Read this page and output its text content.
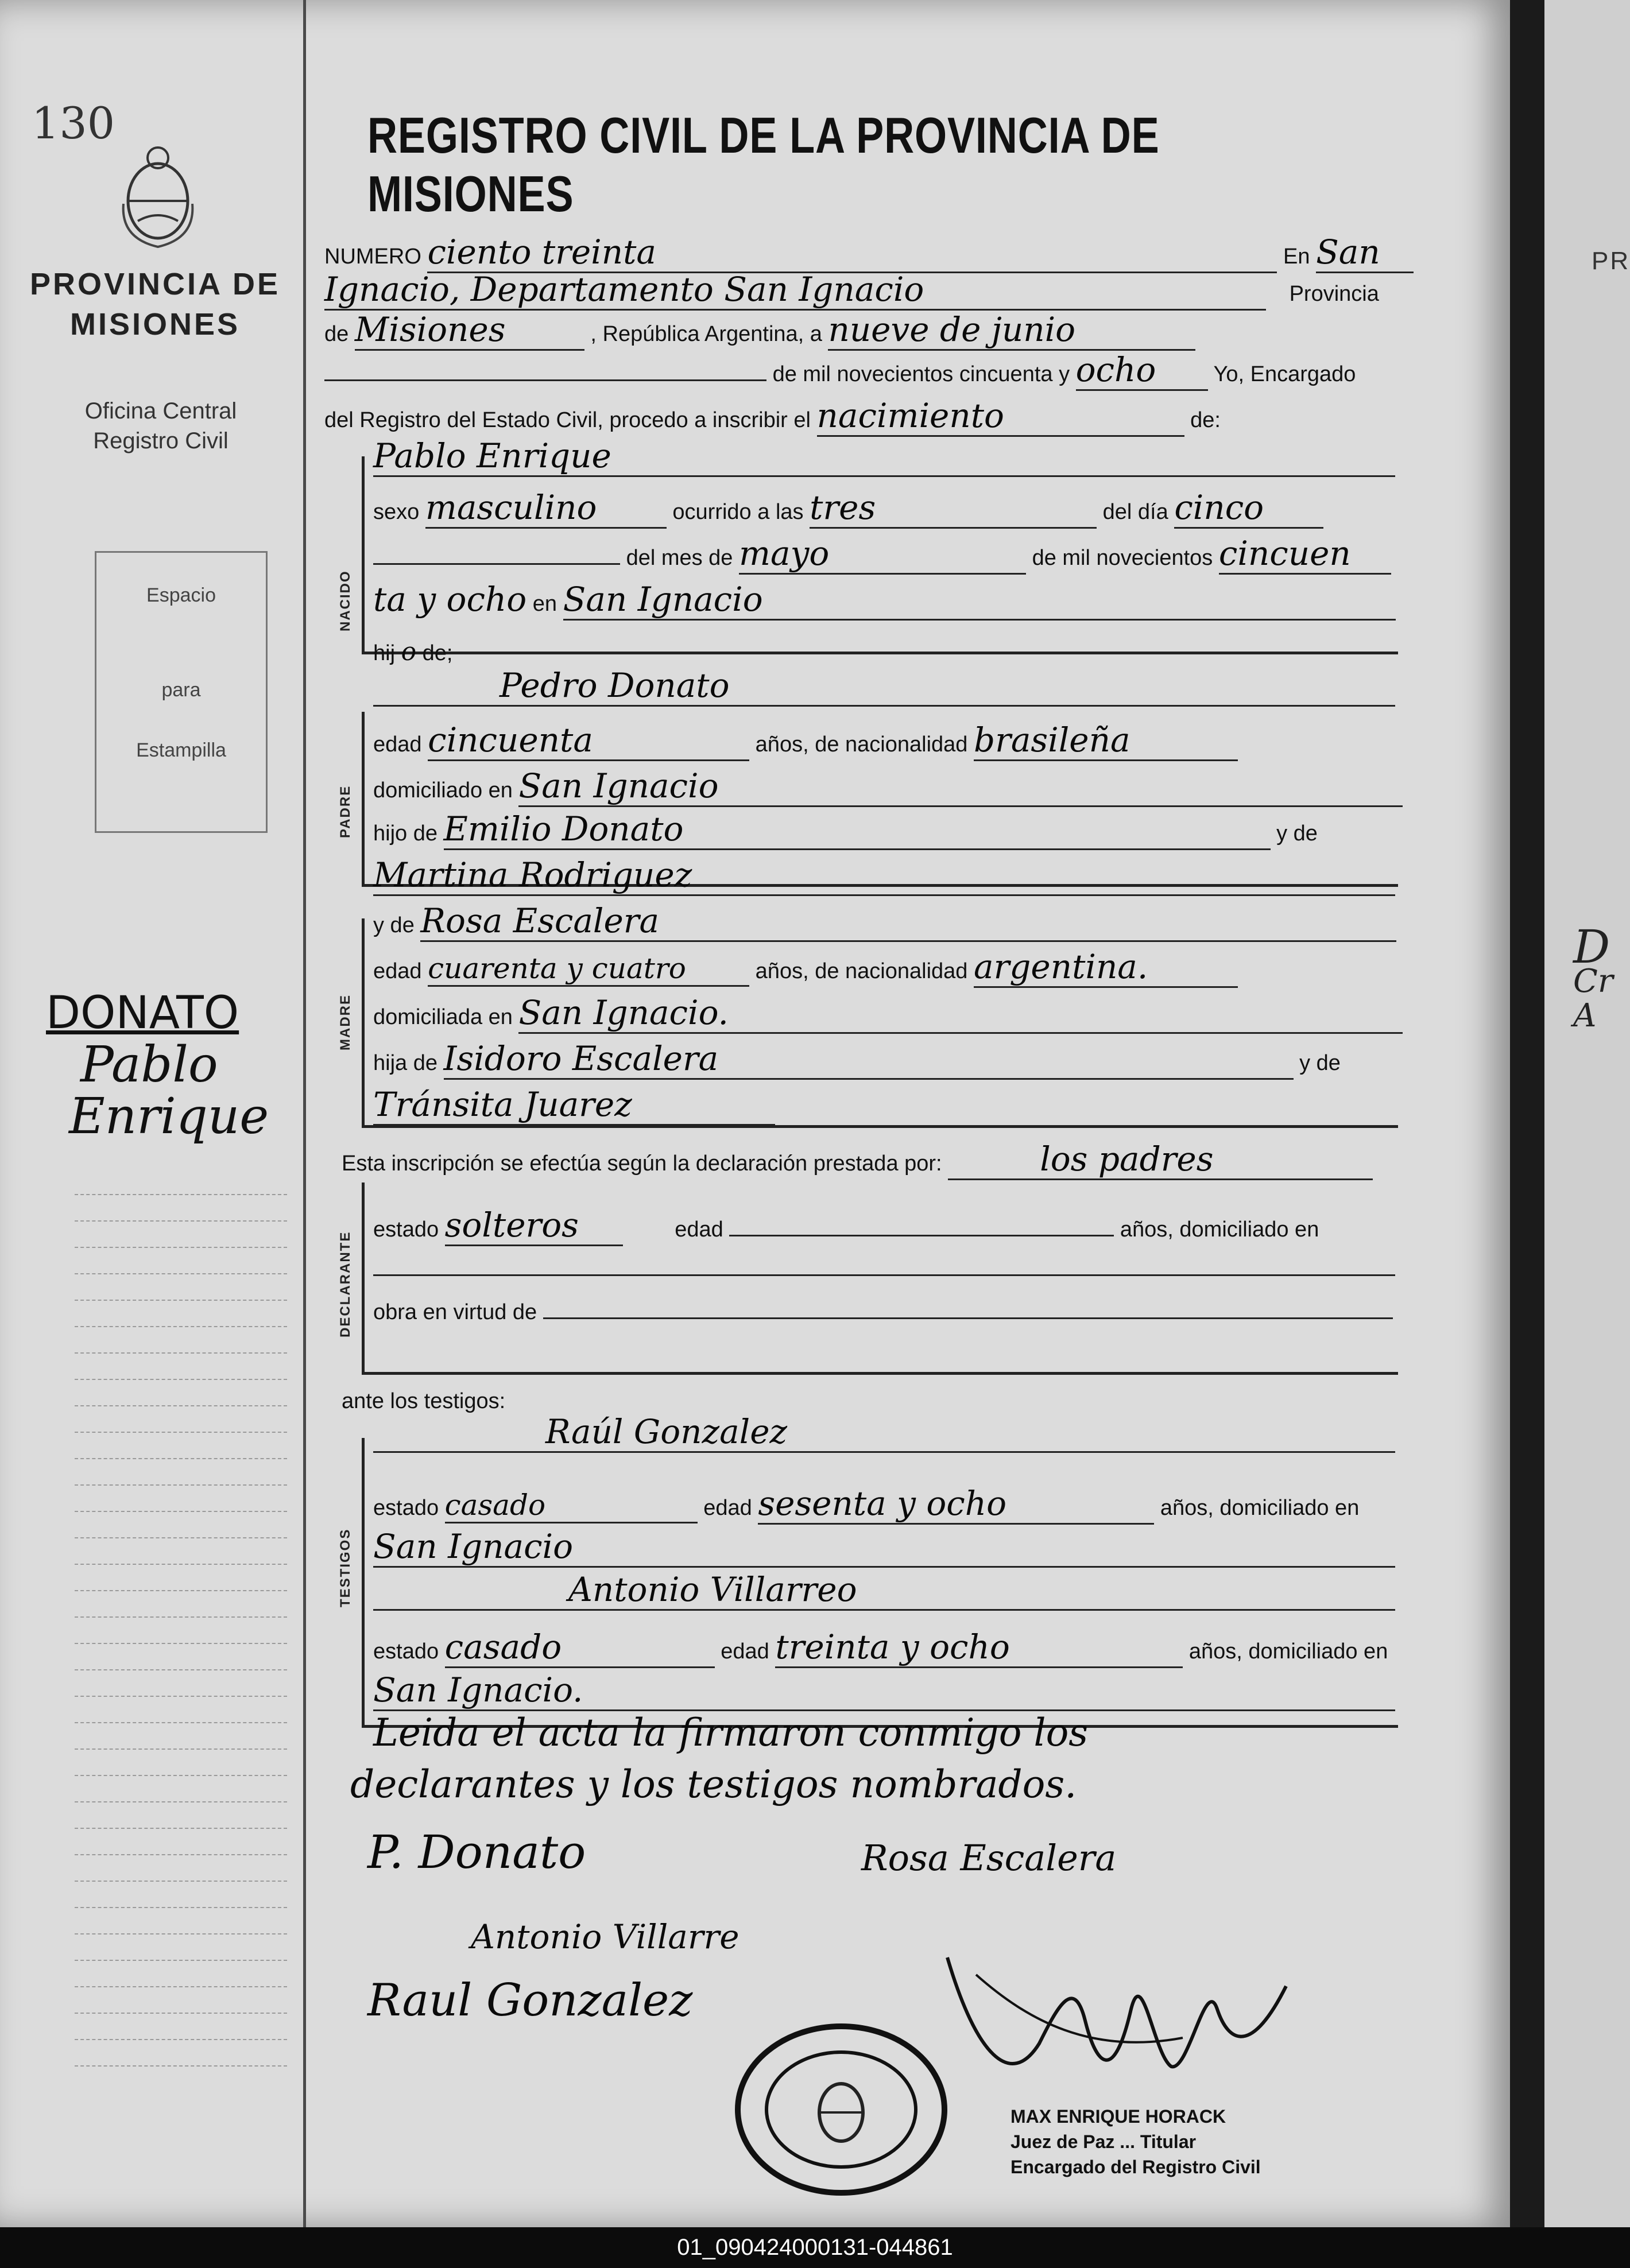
130
PROVINCIA DE
MISIONES
Oficina Central
Registro Civil
Espacio
para
Estampilla
DONATO
Pablo
Enrique
REGISTRO CIVIL DE LA PROVINCIA DE MISIONES
NUMERO ciento treinta	En San
Ignacio, Departamento San Ignacio	Provincia
de Misiones	, República Argentina, a nueve de junio
de mil novecientos cincuenta y ocho	Yo, Encargado
del Registro del Estado Civil, procedo a inscribir el nacimiento	de:
NACIDO
Pablo Enrique
sexo masculino	ocurrido a las tres	del día cinco
del mes de mayo	de mil novecientos cincuen
ta y ocho en San Ignacio
hij o de;
PADRE
Pedro Donato
edad cincuenta	años, de nacionalidad brasileña
domiciliado en San Ignacio
hijo de Emilio Donato	y de
Martina Rodriguez
MADRE
y de Rosa Escalera
edad cuarenta y cuatro	años, de nacionalidad argentina.
domiciliada en San Ignacio.
hija de Isidoro Escalera	y de
Tránsita Juarez
Esta inscripción se efectúa según la declaración prestada por:	los padres
DECLARANTE
estado solteros	edad	años, domiciliado en
obra en virtud de
ante los testigos:
TESTIGOS
Raúl Gonzalez
estado casado	edad sesenta y ocho	años, domiciliado en
San Ignacio
Antonio Villarreo
estado casado	edad treinta y ocho	años, domiciliado en
San Ignacio.
Leida el acta la firmaron conmigo los
declarantes y los testigos nombrados.
P. Donato	Rosa Escalera
Antonio Villarre
Raul Gonzalez
MAX ENRIQUE HORACK
Juez de Paz ... Titular
Encargado del Registro Civil
PR
D
Cr
A
01_090424000131-044861
